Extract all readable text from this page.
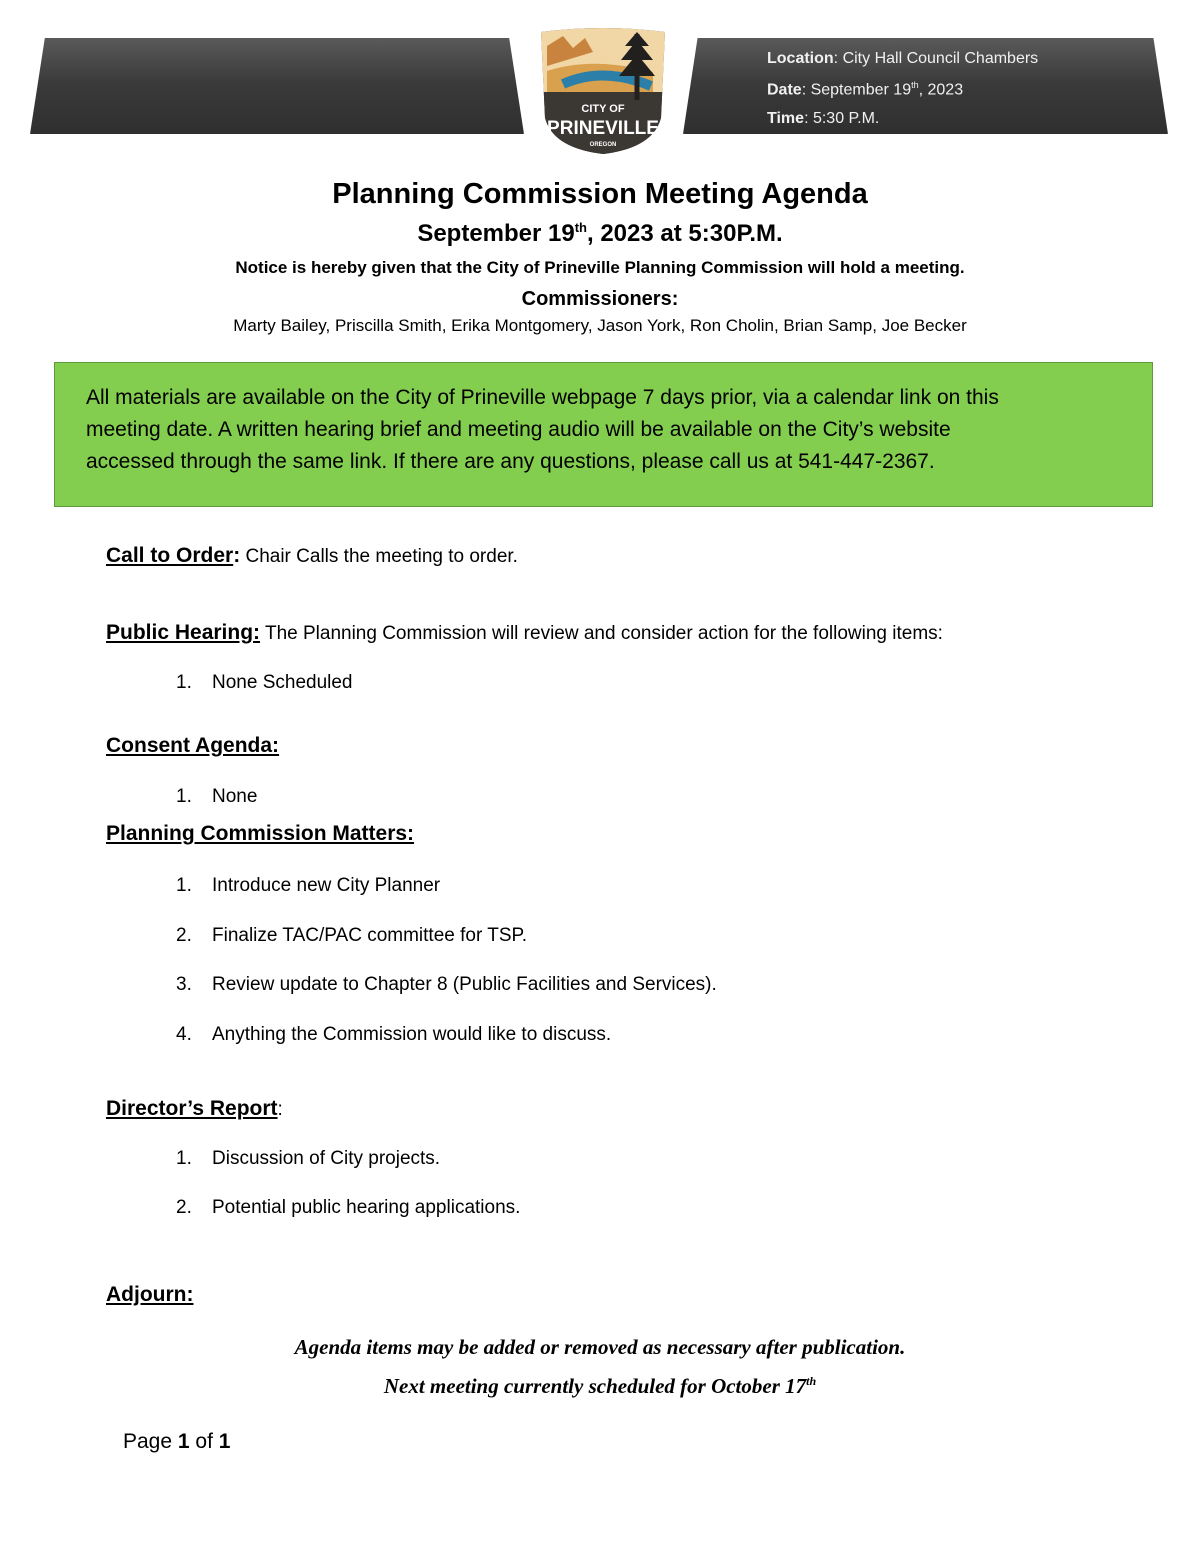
Location: City Hall Council Chambers
Date: September 19th, 2023
Time: 5:30 P.M.
CITY OF
PRINEVILLE
OREGON
Planning Commission Meeting Agenda
September 19th, 2023 at 5:30P.M.
Notice is hereby given that the City of Prineville Planning Commission will hold a meeting.
Commissioners:
Marty Bailey, Priscilla Smith, Erika Montgomery, Jason York, Ron Cholin, Brian Samp, Joe Becker
All materials are available on the City of Prineville webpage 7 days prior, via a calendar link on this
meeting date. A written hearing brief and meeting audio will be available on the City’s website
accessed through the same link. If there are any questions, please call us at 541-447-2367.
Call to Order: Chair Calls the meeting to order.
Public Hearing: The Planning Commission will review and consider action for the following items:
1. None Scheduled
Consent Agenda:
1. None
Planning Commission Matters:
1. Introduce new City Planner
2. Finalize TAC/PAC committee for TSP.
3. Review update to Chapter 8 (Public Facilities and Services).
4. Anything the Commission would like to discuss.
Director’s Report:
1. Discussion of City projects.
2. Potential public hearing applications.
Adjourn:
Agenda items may be added or removed as necessary after publication.
Next meeting currently scheduled for October 17th
Page 1 of 1
